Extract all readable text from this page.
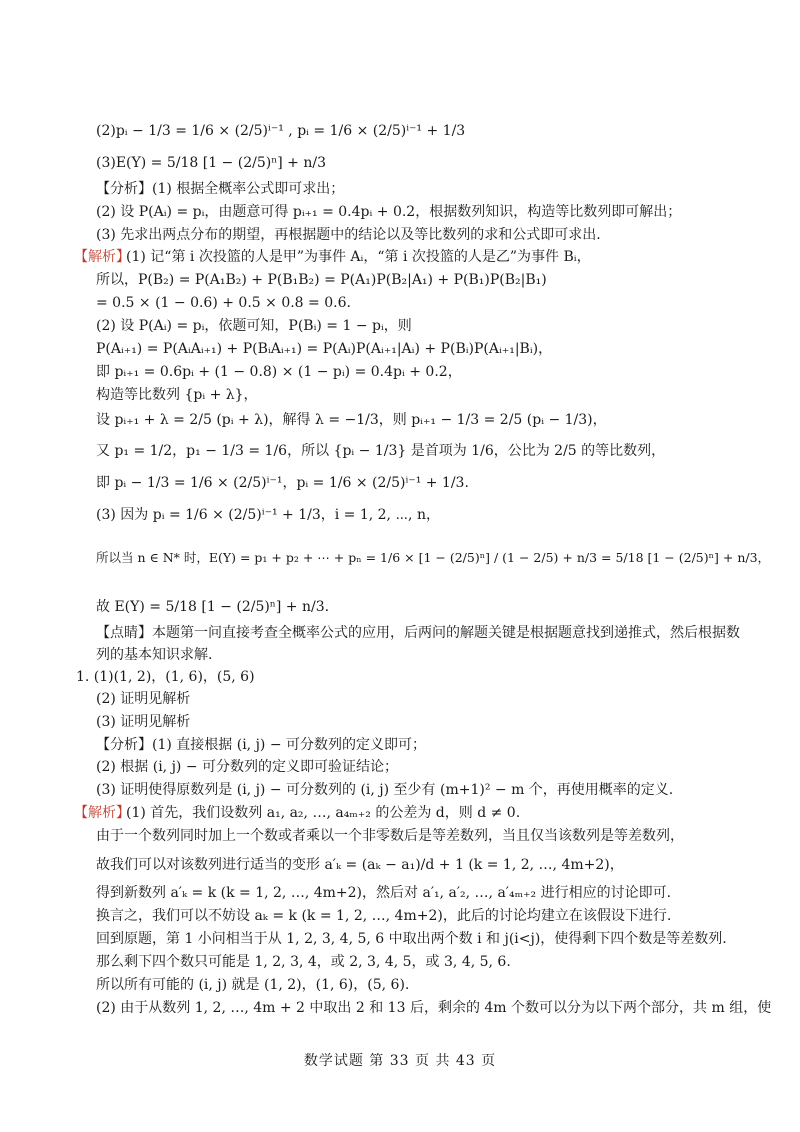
(2)pᵢ − 1/3 = 1/6 × (2/5)ⁱ⁻¹ , pᵢ = 1/6 × (2/5)ⁱ⁻¹ + 1/3
(3)E(Y) = 5/18 [1 − (2/5)ⁿ] + n/3
【分析】(1) 根据全概率公式即可求出；
(2) 设 P(Aᵢ) = pᵢ，由题意可得 pᵢ₊₁ = 0.4pᵢ + 0.2，根据数列知识，构造等比数列即可解出；
(3) 先求出两点分布的期望，再根据题中的结论以及等比数列的求和公式即可求出.
【解析】
(1) 记“第 i 次投篮的人是甲”为事件 Aᵢ，“第 i 次投篮的人是乙”为事件 Bᵢ，
所以，P(B₂) = P(A₁B₂) + P(B₁B₂) = P(A₁)P(B₂|A₁) + P(B₁)P(B₂|B₁)
= 0.5 × (1 − 0.6) + 0.5 × 0.8 = 0.6.
(2) 设 P(Aᵢ) = pᵢ，依题可知，P(Bᵢ) = 1 − pᵢ，则
P(Aᵢ₊₁) = P(AᵢAᵢ₊₁) + P(BᵢAᵢ₊₁) = P(Aᵢ)P(Aᵢ₊₁|Aᵢ) + P(Bᵢ)P(Aᵢ₊₁|Bᵢ)，
即 pᵢ₊₁ = 0.6pᵢ + (1 − 0.8) × (1 − pᵢ) = 0.4pᵢ + 0.2，
构造等比数列 {pᵢ + λ}，
设 pᵢ₊₁ + λ = 2/5 (pᵢ + λ)，解得 λ = −1/3，则 pᵢ₊₁ − 1/3 = 2/5 (pᵢ − 1/3)，
又 p₁ = 1/2，p₁ − 1/3 = 1/6，所以 {pᵢ − 1/3} 是首项为 1/6，公比为 2/5 的等比数列，
即 pᵢ − 1/3 = 1/6 × (2/5)ⁱ⁻¹，pᵢ = 1/6 × (2/5)ⁱ⁻¹ + 1/3.
(3) 因为 pᵢ = 1/6 × (2/5)ⁱ⁻¹ + 1/3，i = 1, 2, ⋯, n，
所以当 n ∈ N* 时，E(Y) = p₁ + p₂ + ⋯ + pₙ = 1/6 × [1 − (2/5)ⁿ] / (1 − 2/5) + n/3 = 5/18 [1 − (2/5)ⁿ] + n/3，
故 E(Y) = 5/18 [1 − (2/5)ⁿ] + n/3.
【点睛】本题第一问直接考查全概率公式的应用，后两问的解题关键是根据题意找到递推式，然后根据数
列的基本知识求解.
1. (1)(1, 2)，(1, 6)，(5, 6)
(2) 证明见解析
(3) 证明见解析
【分析】(1) 直接根据 (i, j) − 可分数列的定义即可；
(2) 根据 (i, j) − 可分数列的定义即可验证结论；
(3) 证明使得原数列是 (i, j) − 可分数列的 (i, j) 至少有 (m+1)² − m 个，再使用概率的定义.
【解析】
(1) 首先，我们设数列 a₁, a₂, …, a₄ₘ₊₂ 的公差为 d，则 d ≠ 0.
由于一个数列同时加上一个数或者乘以一个非零数后是等差数列，当且仅当该数列是等差数列，
故我们可以对该数列进行适当的变形 a′ₖ = (aₖ − a₁)/d + 1 (k = 1, 2, …, 4m+2)，
得到新数列 a′ₖ = k (k = 1, 2, …, 4m+2)，然后对 a′₁, a′₂, …, a′₄ₘ₊₂ 进行相应的讨论即可.
换言之，我们可以不妨设 aₖ = k (k = 1, 2, …, 4m+2)，此后的讨论均建立在该假设下进行.
回到原题，第 1 小问相当于从 1, 2, 3, 4, 5, 6 中取出两个数 i 和 j(i<j)，使得剩下四个数是等差数列.
那么剩下四个数只可能是 1, 2, 3, 4，或 2, 3, 4, 5，或 3, 4, 5, 6.
所以所有可能的 (i, j) 就是 (1, 2)，(1, 6)，(5, 6).
(2) 由于从数列 1, 2, …, 4m + 2 中取出 2 和 13 后，剩余的 4m 个数可以分为以下两个部分，共 m 组，使
数学试题 第 33 页 共 43 页
